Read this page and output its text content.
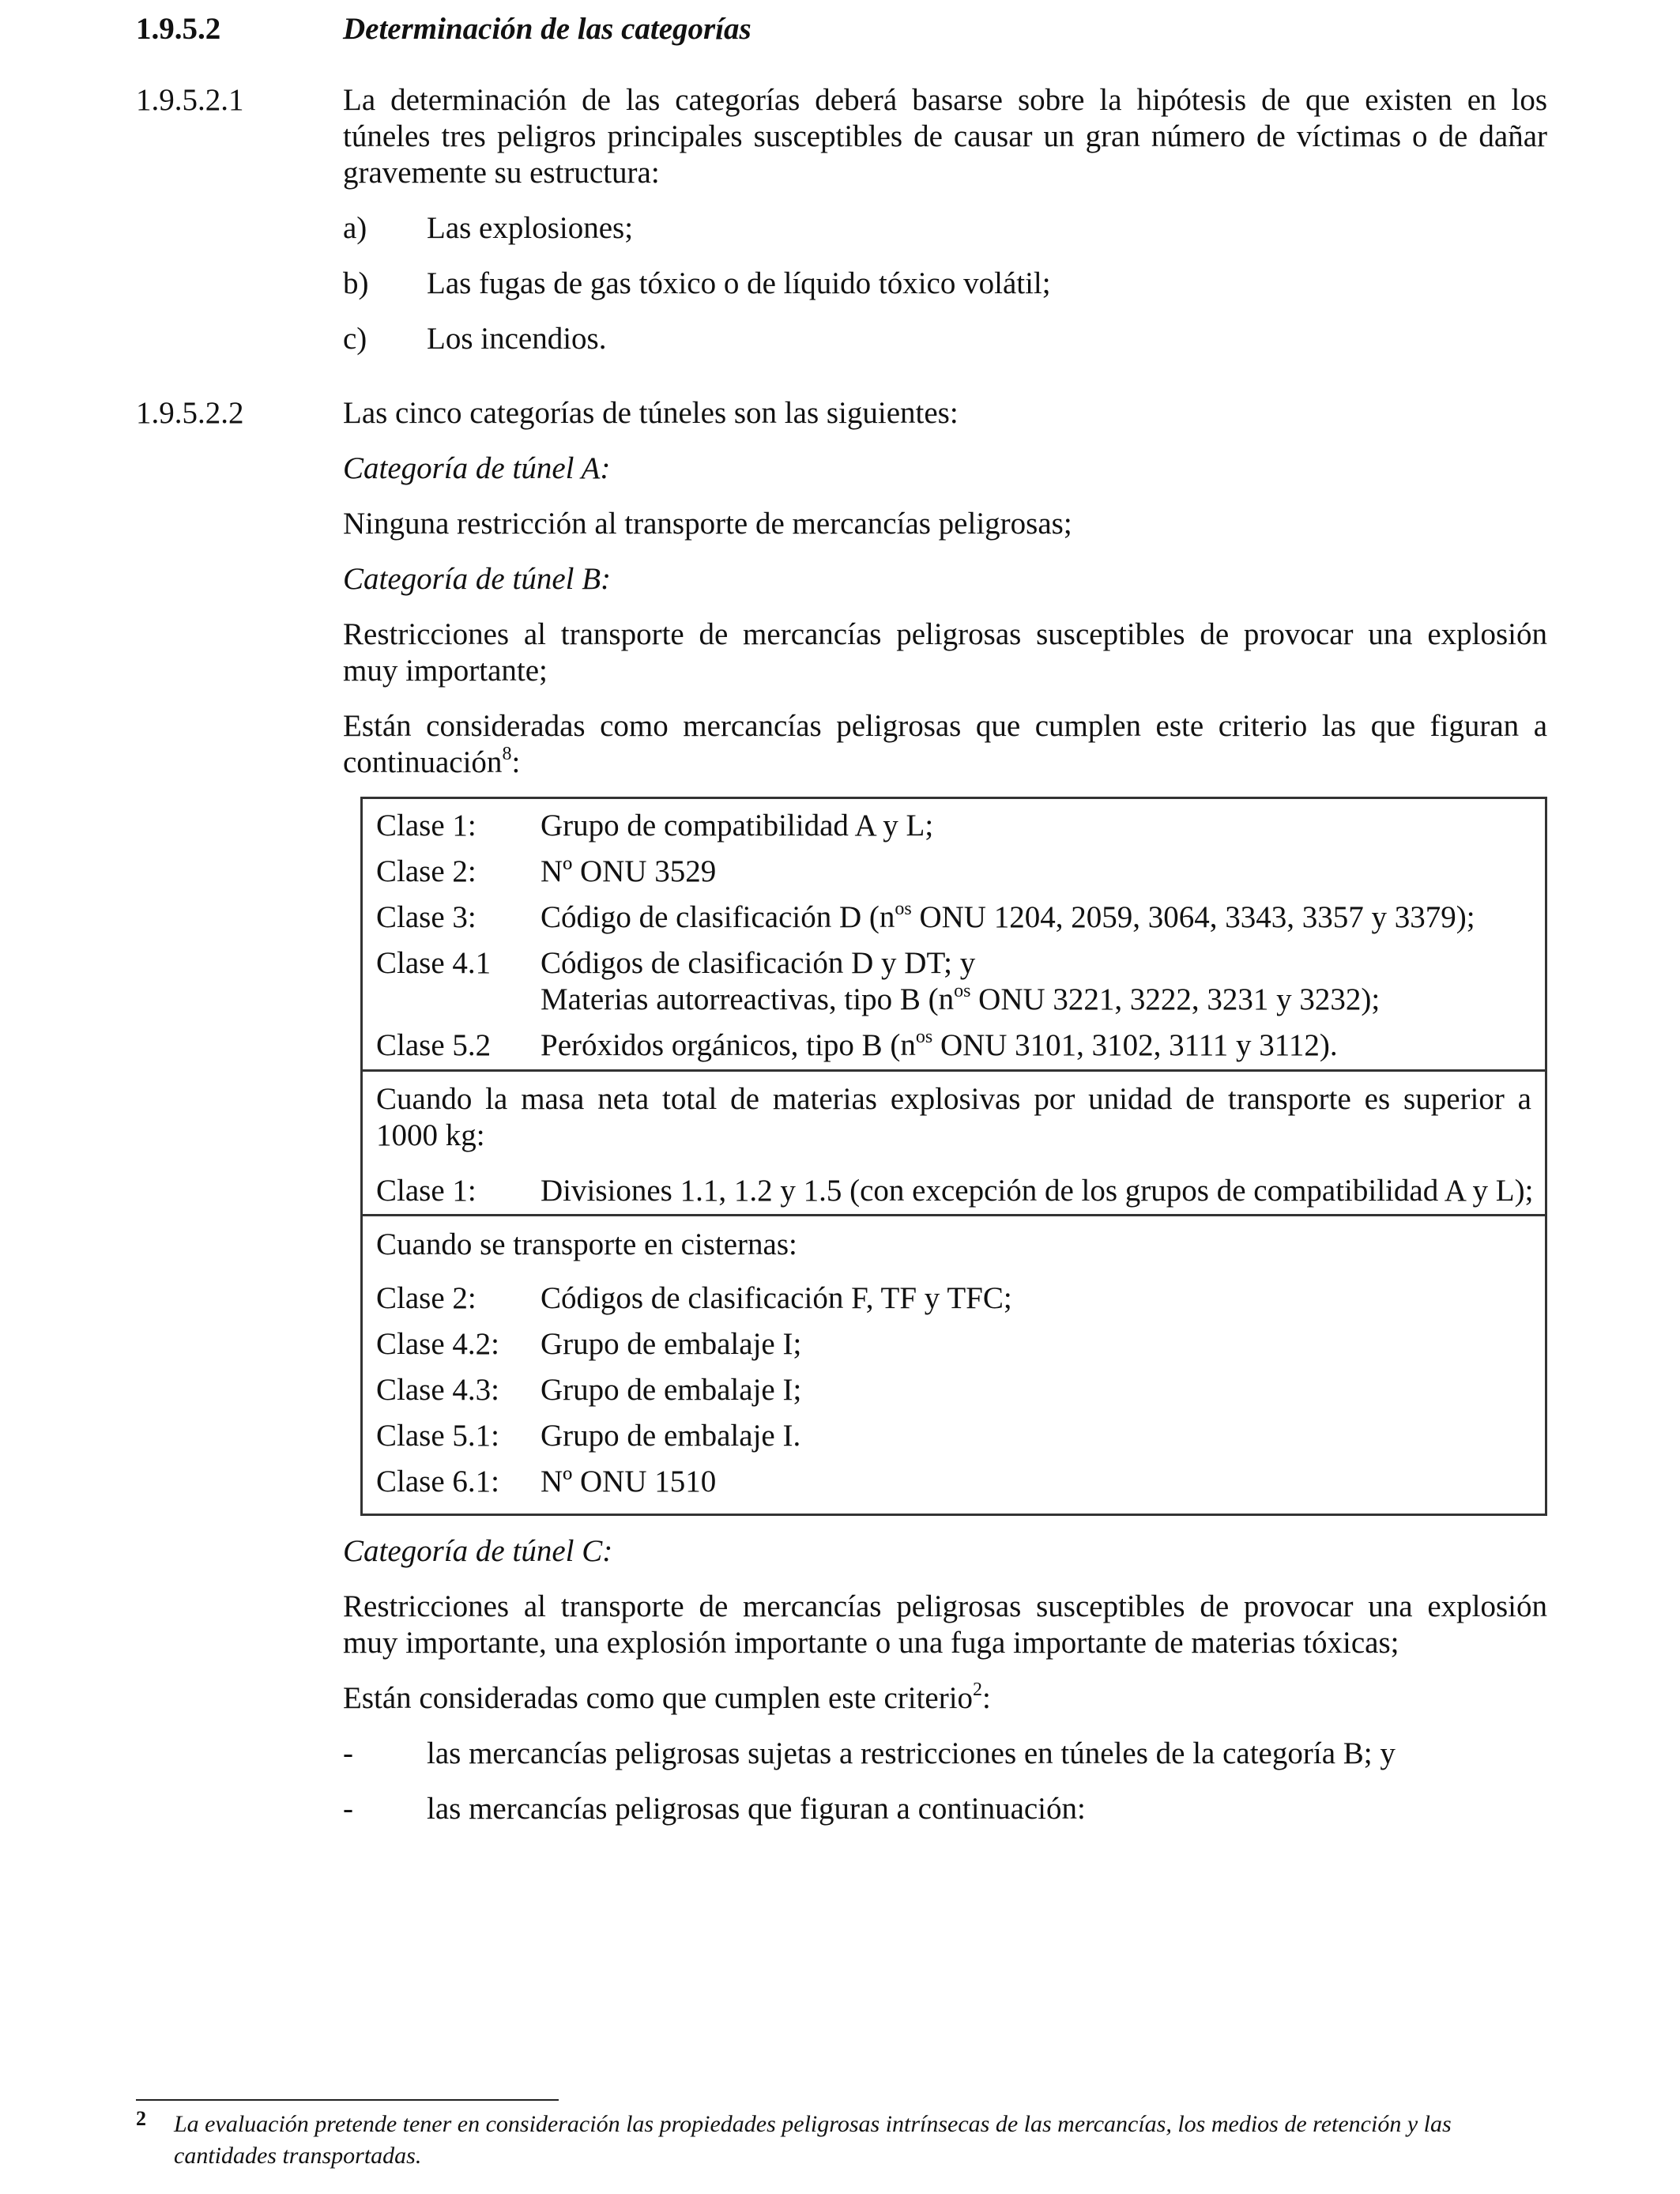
1.9.5.2	Determinación de las categorías
1.9.5.2.1	La determinación de las categorías deberá basarse sobre la hipótesis de que existen en los
túneles tres peligros principales susceptibles de causar un gran número de víctimas o de dañar
gravemente su estructura:
a) Las explosiones;
b) Las fugas de gas tóxico o de líquido tóxico volátil;
c) Los incendios.
1.9.5.2.2	Las cinco categorías de túneles son las siguientes:
Categoría de túnel A:
Ninguna restricción al transporte de mercancías peligrosas;
Categoría de túnel B:
Restricciones al transporte de mercancías peligrosas susceptibles de provocar una explosión
muy importante;
Están consideradas como mercancías peligrosas que cumplen este criterio las que figuran a
continuación$^8$:
Clase 1: Grupo de compatibilidad A y L;
Clase 2: Nº ONU 3529
Clase 3: Código de clasificación D ($n^{os}$ ONU 1204, 2059, 3064, 3343, 3357 y 3379);
Clase 4.1 Códigos de clasificación D y DT; y
Materias autorreactivas, tipo B ($n^{os}$ ONU 3221, 3222, 3231 y 3232);
Clase 5.2 Peróxidos orgánicos, tipo B ($n^{os}$ ONU 3101, 3102, 3111 y 3112).
Cuando la masa neta total de materias explosivas por unidad de transporte es superior a
1000 kg:
Clase 1: Divisiones 1.1, 1.2 y 1.5 (con excepción de los grupos de compatibilidad A y L);
Cuando se transporte en cisternas:
Clase 2: Códigos de clasificación F, TF y TFC;
Clase 4.2: Grupo de embalaje I;
Clase 4.3: Grupo de embalaje I;
Clase 5.1: Grupo de embalaje I.
Clase 6.1: Nº ONU 1510
Categoría de túnel C:
Restricciones al transporte de mercancías peligrosas susceptibles de provocar una explosión
muy importante, una explosión importante o una fuga importante de materias tóxicas;
Están consideradas como que cumplen este criterio$^2$:
- las mercancías peligrosas sujetas a restricciones en túneles de la categoría B; y
- las mercancías peligrosas que figuran a continuación:
2 La evaluación pretende tener en consideración las propiedades peligrosas intrínsecas de las mercancías, los medios de retención y las cantidades transportadas.
